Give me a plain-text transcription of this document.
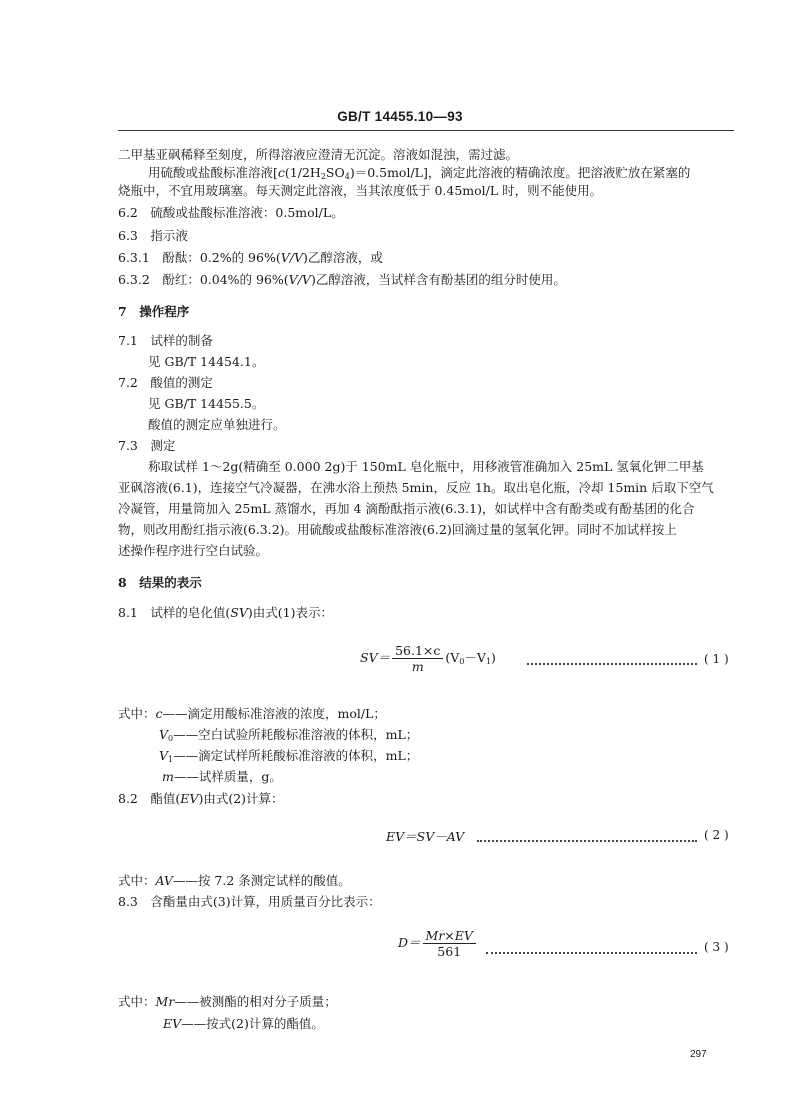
GB/T 14455.10—93
二甲基亚砜稀释至刻度，所得溶液应澄清无沉淀。溶液如混浊，需过滤。
用硫酸或盐酸标准溶液[c(1/2H2SO4)＝0.5mol/L]，滴定此溶液的精确浓度。把溶液贮放在紧塞的
烧瓶中，不宜用玻璃塞。每天测定此溶液，当其浓度低于 0.45mol/L 时，则不能使用。
6.2　 硫酸或盐酸标准溶液：0.5mol/L。
6.3　 指示液
6.3.1　 酚酞：0.2%的 96%(V/V)乙醇溶液，或
6.3.2　 酚红：0.04%的 96%(V/V)乙醇溶液，当试样含有酚基团的组分时使用。
7　 操作程序
7.1　 试样的制备
见 GB/T 14454.1。
7.2　 酸值的测定
见 GB/T 14455.5。
酸值的测定应单独进行。
7.3　 测定
称取试样 1～2g(精确至 0.000 2g)于 150mL 皂化瓶中，用移液管准确加入 25mL 氢氧化钾二甲基
亚砜溶液(6.1)，连接空气冷凝器，在沸水浴上预热 5min，反应 1h。取出皂化瓶，冷却 15min 后取下空气
冷凝管，用量筒加入 25mL 蒸馏水，再加 4 滴酚酞指示液(6.3.1)，如试样中含有酚类或有酚基团的化合
物，则改用酚红指示液(6.3.2)。用硫酸或盐酸标准溶液(6.2)回滴过量的氢氧化钾。同时不加试样按上
述操作程序进行空白试验。
8　 结果的表示
8.1　 试样的皂化值(SV)由式(1)表示：
$SV= \frac{56.1\times c}{m} (V0-V1)$	( 1 )
式中：c——滴定用酸标准溶液的浓度，mol/L；
V0——空白试验所耗酸标准溶液的体积，mL；
V1——滴定试样所耗酸标准溶液的体积，mL；
m——试样质量，g。
8.2　 酯值(EV)由式(2)计算：
EV＝SV－AV	( 2 )
式中：AV——按 7.2 条测定试样的酸值。
8.3　 含酯量由式(3)计算，用质量百分比表示：
$D= \frac{Mr\times EV}{561}$	( 3 )
式中：Mr——被测酯的相对分子质量；
EV——按式(2)计算的酯值。
297
